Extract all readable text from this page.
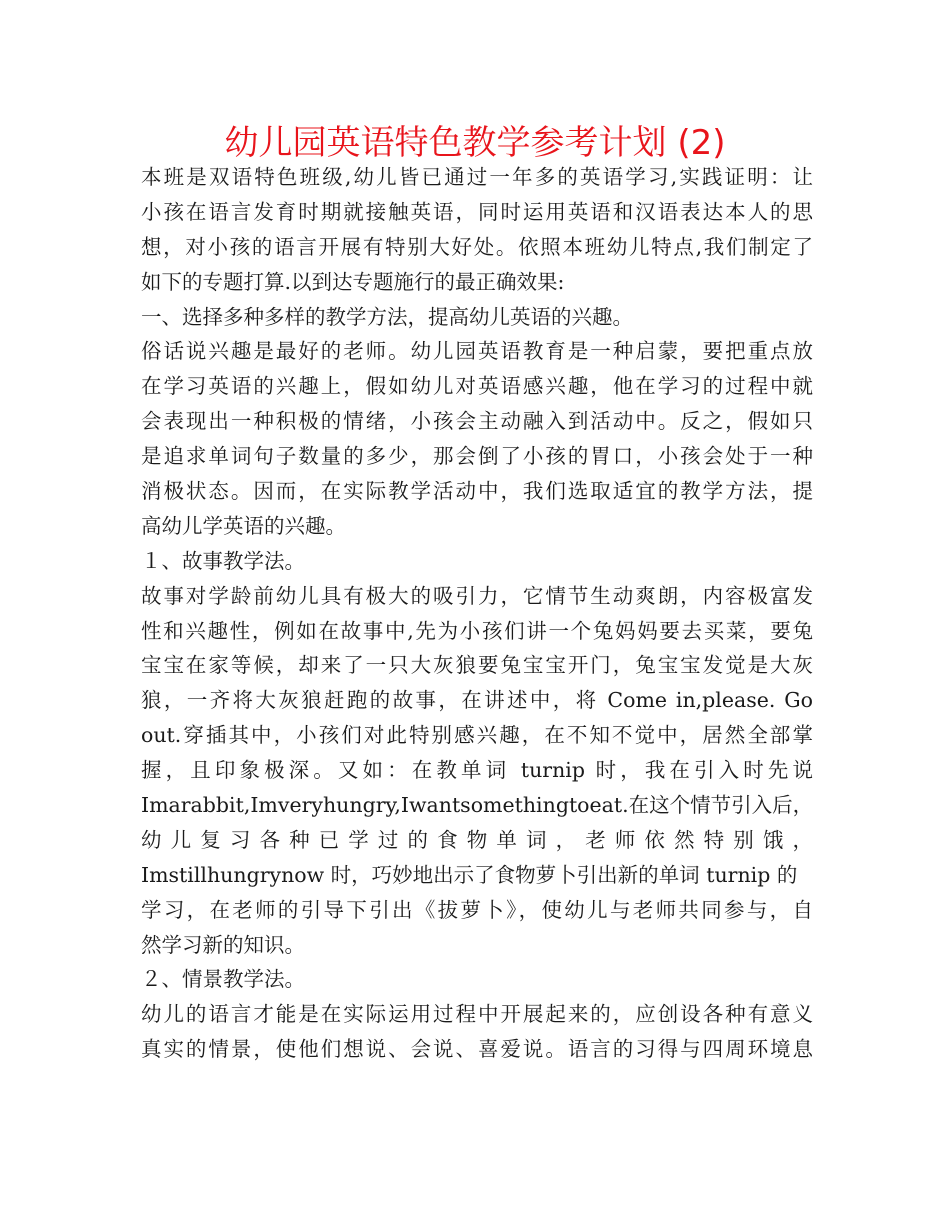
幼儿园英语特色教学参考计划 (2)
本班是双语特色班级,幼儿皆已通过一年多的英语学习,实践证明：让
小孩在语言发育时期就接触英语，同时运用英语和汉语表达本人的思
想，对小孩的语言开展有特别大好处。依照本班幼儿特点,我们制定了
如下的专题打算.以到达专题施行的最正确效果:
一、选择多种多样的教学方法，提高幼儿英语的兴趣。
俗话说兴趣是最好的老师。幼儿园英语教育是一种启蒙，要把重点放
在学习英语的兴趣上，假如幼儿对英语感兴趣，他在学习的过程中就
会表现出一种积极的情绪，小孩会主动融入到活动中。反之，假如只
是追求单词句子数量的多少，那会倒了小孩的胃口，小孩会处于一种
消极状态。因而，在实际教学活动中，我们选取适宜的教学方法，提
高幼儿学英语的兴趣。
１、故事教学法。
故事对学龄前幼儿具有极大的吸引力，它情节生动爽朗，内容极富发
性和兴趣性，例如在故事中,先为小孩们讲一个兔妈妈要去买菜，要兔
宝宝在家等候，却来了一只大灰狼要兔宝宝开门，兔宝宝发觉是大灰
狼，一齐将大灰狼赶跑的故事，在讲述中，将 Come in,please. Go
out.穿插其中，小孩们对此特别感兴趣，在不知不觉中，居然全部掌
握，且印象极深。又如：在教单词 turnip 时，我在引入时先说
Imarabbit,Imveryhungry,Iwantsomethingtoeat.在这个情节引入后，
幼儿复习各种已学过的食物单词，老师依然特别饿，
Imstillhungrynow 时，巧妙地出示了食物萝卜引出新的单词 turnip 的
学习，在老师的引导下引出《拔萝卜》，使幼儿与老师共同参与，自
然学习新的知识。
２、情景教学法。
幼儿的语言才能是在实际运用过程中开展起来的，应创设各种有意义
真实的情景，使他们想说、会说、喜爱说。语言的习得与四周环境息
